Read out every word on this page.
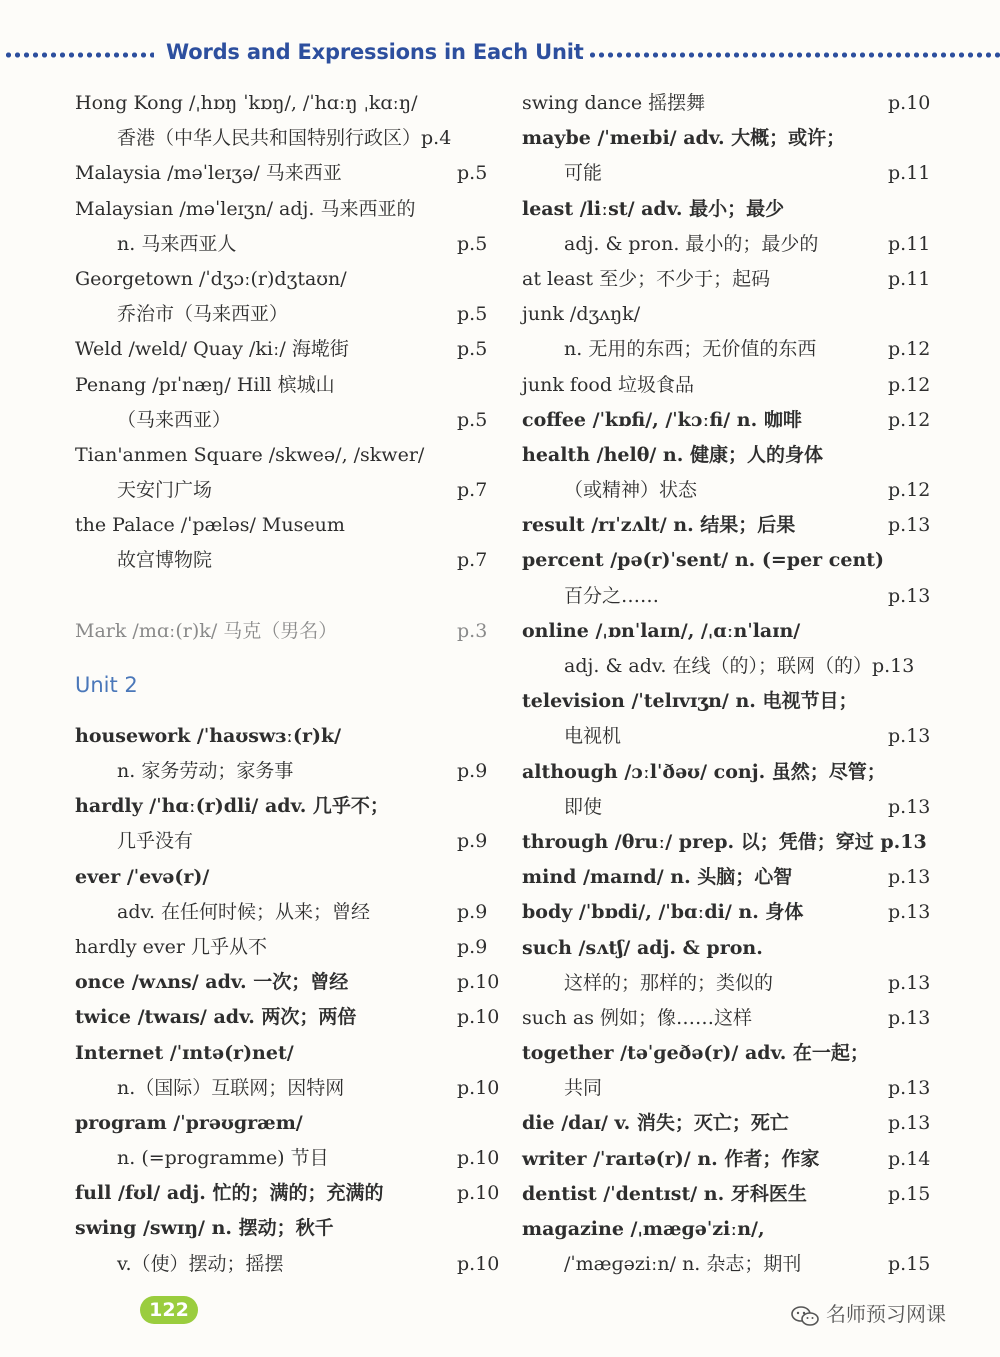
Words and Expressions in Each Unit
Hong Kong /ˌhɒŋ ˈkɒŋ/, /ˈhɑːŋ ˌkɑːŋ/
香港（中华人民共和国特别行政区）p.4
Malaysia /məˈleɪʒə/ 马来西亚	p.5
Malaysian /məˈleɪʒn/ adj. 马来西亚的
n. 马来西亚人	p.5
Georgetown /ˈdʒɔː(r)dʒtaʊn/
乔治市（马来西亚）	p.5
Weld /weld/ Quay /kiː/ 海墘街	p.5
Penang /pɪˈnæŋ/ Hill 槟城山
（马来西亚）	p.5
Tian'anmen Square /skweə/, /skwer/
天安门广场	p.7
the Palace /ˈpæləs/ Museum
故宫博物院	p.7
Mark /mɑː(r)k/ 马克（男名）	p.3
Unit 2
housework /ˈhaʊswɜː(r)k/
n. 家务劳动；家务事	p.9
hardly /ˈhɑː(r)dli/ adv. 几乎不；
几乎没有	p.9
ever /ˈevə(r)/
adv. 在任何时候；从来；曾经	p.9
hardly ever 几乎从不	p.9
once /wʌns/ adv. 一次；曾经	p.10
twice /twaɪs/ adv. 两次；两倍	p.10
Internet /ˈɪntə(r)net/
n.（国际）互联网；因特网	p.10
program /ˈprəʊɡræm/
n. (=programme) 节目	p.10
full /fʊl/ adj. 忙的；满的；充满的	p.10
swing /swɪŋ/ n. 摆动；秋千
v.（使）摆动；摇摆	p.10
swing dance 摇摆舞	p.10
maybe /ˈmeɪbi/ adv. 大概；或许；
可能	p.11
least /liːst/ adv. 最小；最少
adj. & pron. 最小的；最少的	p.11
at least 至少；不少于；起码	p.11
junk /dʒʌŋk/
n. 无用的东西；无价值的东西	p.12
junk food 垃圾食品	p.12
coffee /ˈkɒfi/, /ˈkɔːfi/ n. 咖啡	p.12
health /helθ/ n. 健康；人的身体
（或精神）状态	p.12
result /rɪˈzʌlt/ n. 结果；后果	p.13
percent /pə(r)ˈsent/ n. (=per cent)
百分之……	p.13
online /ˌɒnˈlaɪn/, /ˌɑːnˈlaɪn/
adj. & adv. 在线（的）；联网（的）p.13
television /ˈtelɪvɪʒn/ n. 电视节目；
电视机	p.13
although /ɔːlˈðəʊ/ conj. 虽然；尽管；
即使	p.13
through /θruː/ prep. 以；凭借；穿过 p.13
mind /maɪnd/ n. 头脑；心智	p.13
body /ˈbɒdi/, /ˈbɑːdi/ n. 身体	p.13
such /sʌtʃ/ adj. & pron.
这样的；那样的；类似的	p.13
such as 例如；像……这样	p.13
together /təˈɡeðə(r)/ adv. 在一起；
共同	p.13
die /daɪ/ v. 消失；灭亡；死亡	p.13
writer /ˈraɪtə(r)/ n. 作者；作家	p.14
dentist /ˈdentɪst/ n. 牙科医生	p.15
magazine /ˌmæɡəˈziːn/,
/ˈmæɡəziːn/ n. 杂志；期刊	p.15
122	名师预习网课
